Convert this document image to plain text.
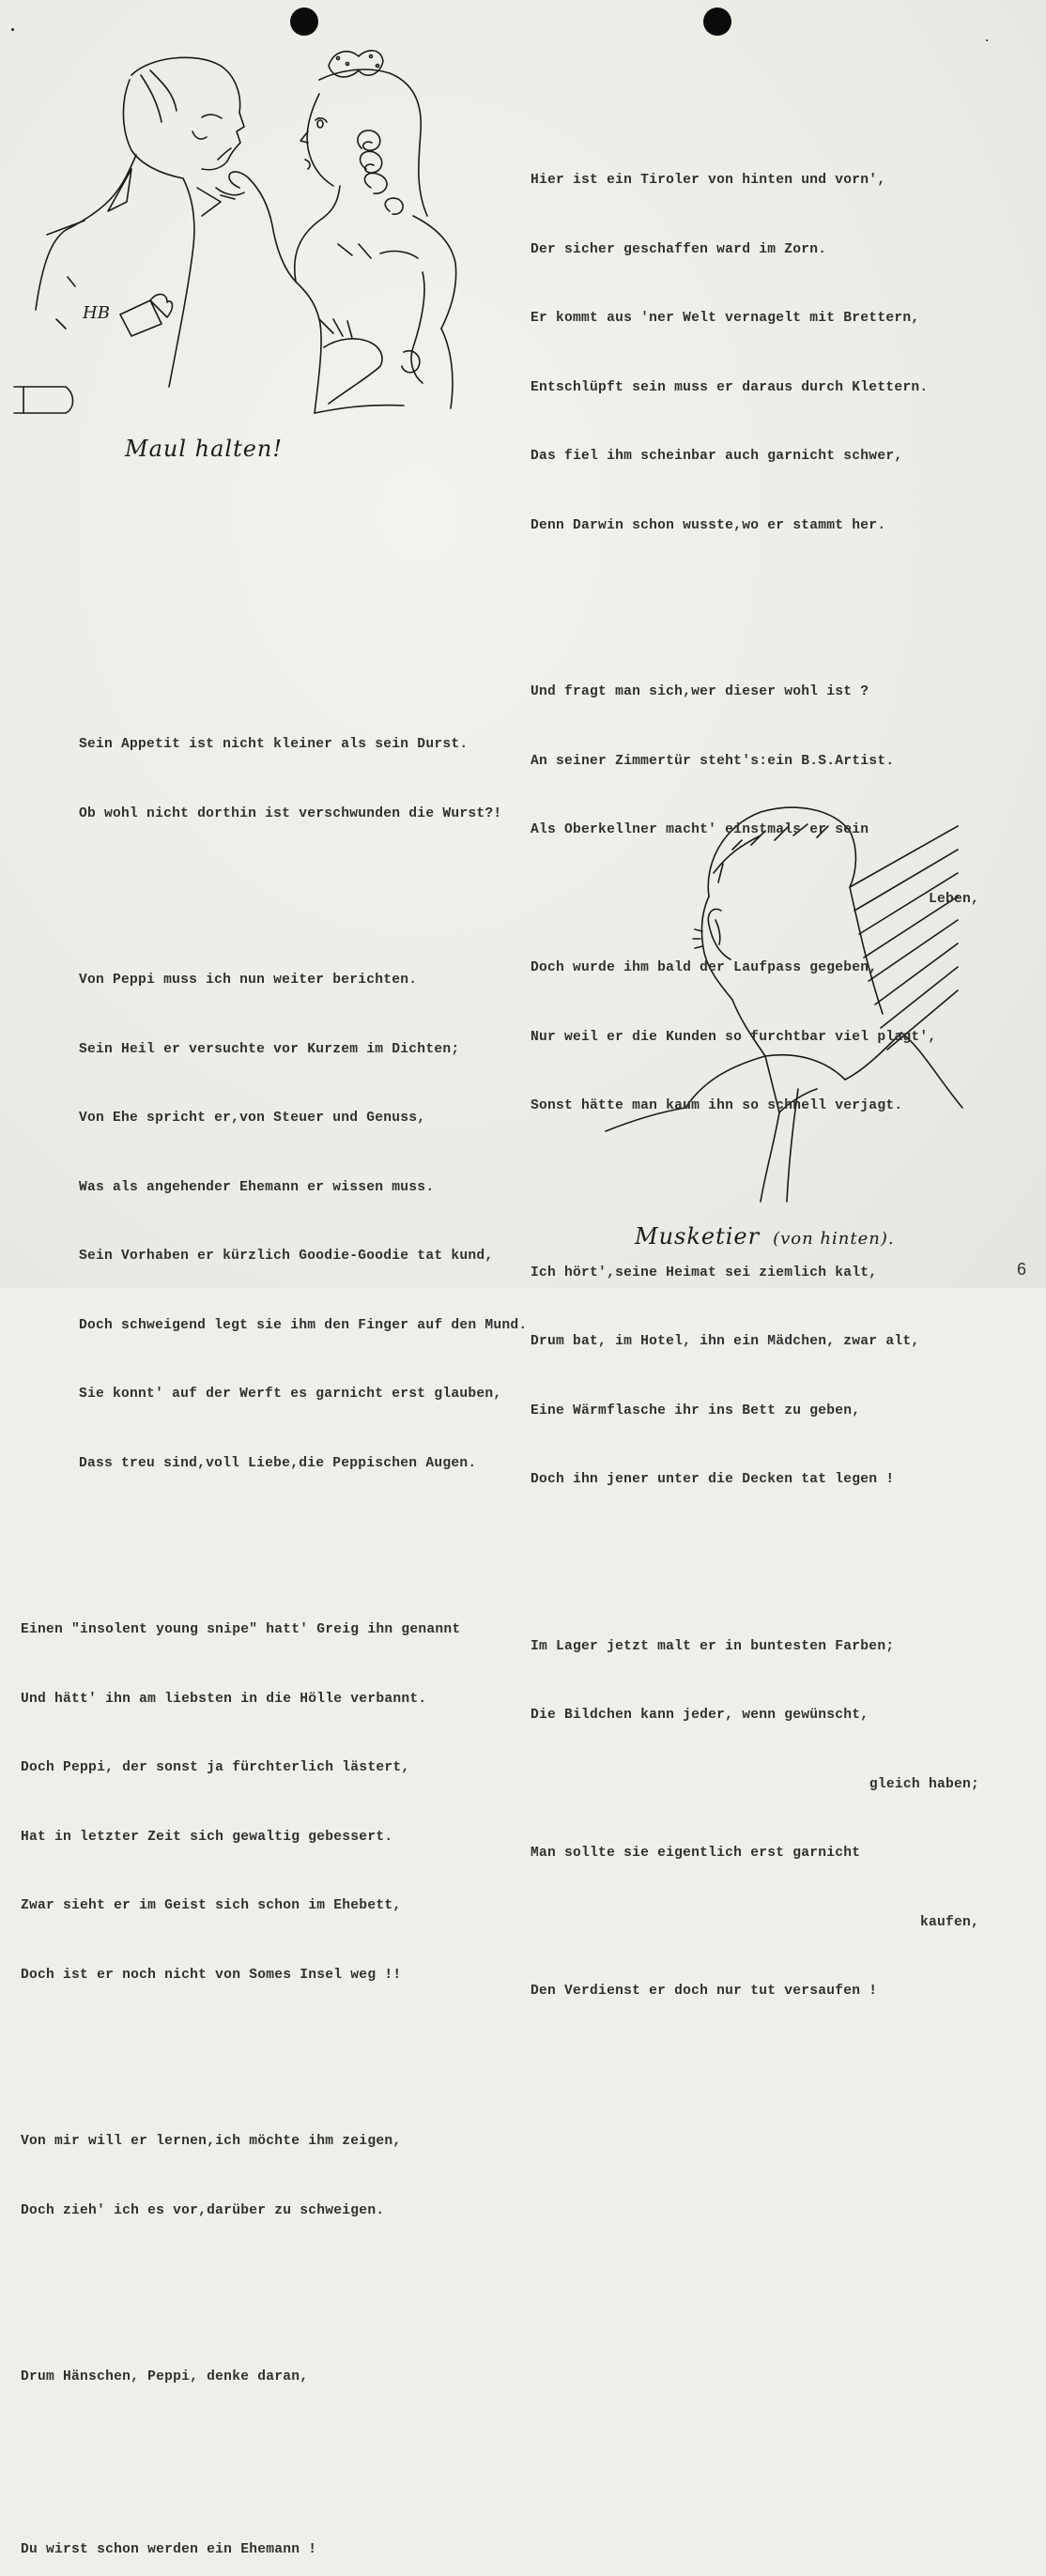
Maul halten!
Musketier (von hinten).
HB

Hier ist ein Tiroler von hinten und vorn',

Der sicher geschaffen ward im Zorn.

Er kommt aus 'ner Welt vernagelt mit Brettern,

Entschlüpft sein muss er daraus durch Klettern.

Das fiel ihm scheinbar auch garnicht schwer,

Denn Darwin schon wusste,wo er stammt her.

Und fragt man sich,wer dieser wohl ist ?

An seiner Zimmertür steht's:ein B.S.Artist.

Als Oberkellner macht' einstmals er sein

Leben,

Doch wurde ihm bald der Laufpass gegeben,

Nur weil er die Kunden so furchtbar viel plagt',

Sonst hätte man kaum ihn so schnell verjagt.

Ich hört',seine Heimat sei ziemlich kalt,

Drum bat, im Hotel, ihn ein Mädchen, zwar alt,

Eine Wärmflasche ihr ins Bett zu geben,

Doch ihn jener unter die Decken tat legen !

Im Lager jetzt malt er in buntesten Farben;

Die Bildchen kann jeder, wenn gewünscht,

gleich haben;

Man sollte sie eigentlich erst garnicht

kaufen,

Den Verdienst er doch nur tut versaufen !

Sein Appetit ist nicht kleiner als sein Durst.

Ob wohl nicht dorthin ist verschwunden die Wurst?!

Von Peppi muss ich nun weiter berichten.

Sein Heil er versuchte vor Kurzem im Dichten;

Von Ehe spricht er,von Steuer und Genuss,

Was als angehender Ehemann er wissen muss.

Sein Vorhaben er kürzlich Goodie-Goodie tat kund,

Doch schweigend legt sie ihm den Finger auf den Mund.

Sie konnt' auf der Werft es garnicht erst glauben,

Dass treu sind,voll Liebe,die Peppischen Augen.

Einen "insolent young snipe" hatt' Greig ihn genannt

Und hätt' ihn am liebsten in die Hölle verbannt.

Doch Peppi, der sonst ja fürchterlich lästert,

Hat in letzter Zeit sich gewaltig gebessert.

Zwar sieht er im Geist sich schon im Ehebett,

Doch ist er noch nicht von Somes Insel weg !!

Von mir will er lernen,ich möchte ihm zeigen,

Doch zieh' ich es vor,darüber zu schweigen.

Drum Hänschen, Peppi, denke daran,

Du wirst schon werden ein Ehemann !

6
